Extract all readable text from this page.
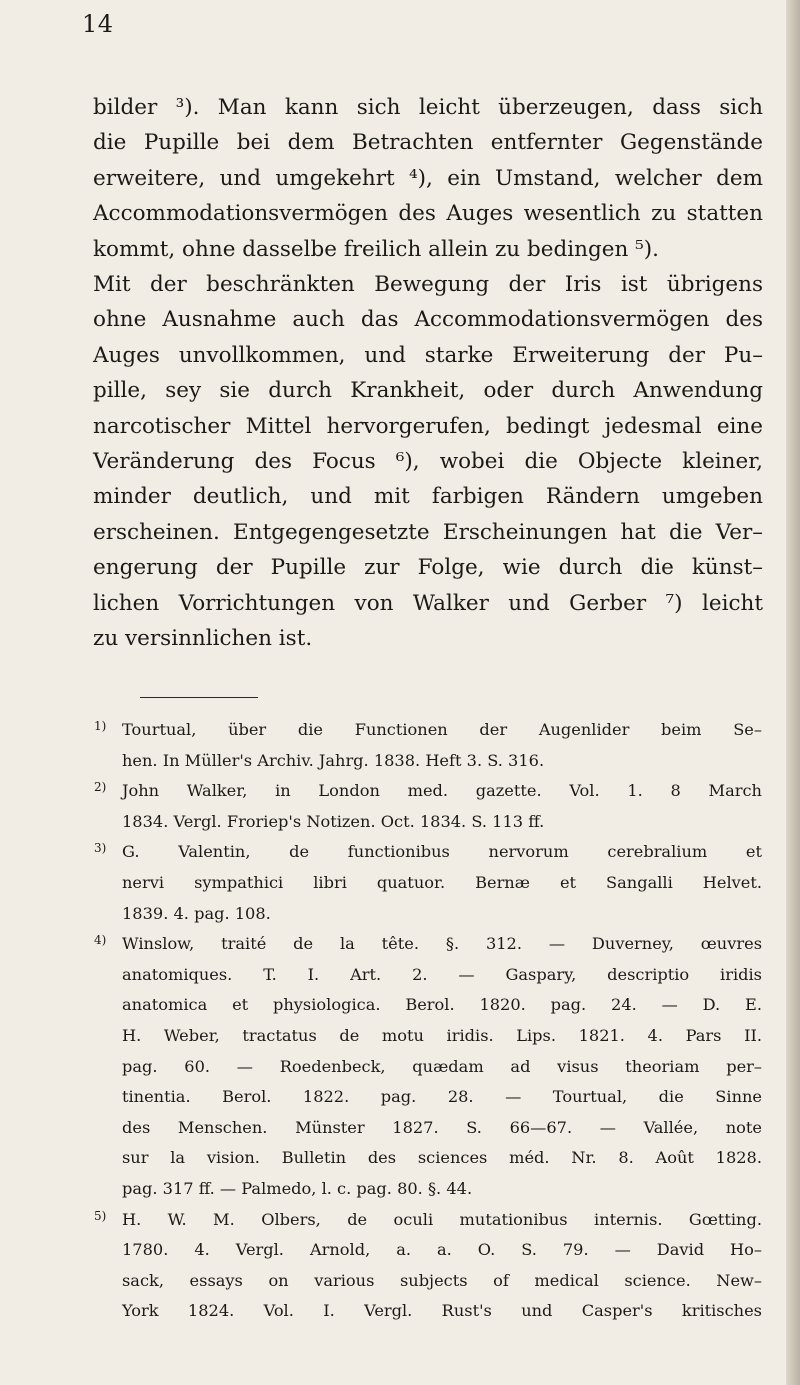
14
bilder ³). Man kann sich leicht überzeugen, dass sich
die Pupille bei dem Betrachten entfernter Gegenstände
erweitere, und umgekehrt ⁴), ein Umstand, welcher dem
Accommodationsvermögen des Auges wesentlich zu statten
kommt, ohne dasselbe freilich allein zu bedingen ⁵).
Mit der beschränkten Bewegung der Iris ist übrigens
ohne Ausnahme auch das Accommodationsvermögen des
Auges unvollkommen, und starke Erweiterung der Pu–
pille, sey sie durch Krankheit, oder durch Anwendung
narcotischer Mittel hervorgerufen, bedingt jedesmal eine
Veränderung des Focus ⁶), wobei die Objecte kleiner,
minder deutlich, und mit farbigen Rändern umgeben
erscheinen. Entgegengesetzte Erscheinungen hat die Ver–
engerung der Pupille zur Folge, wie durch die künst–
lichen Vorrichtungen von Walker und Gerber ⁷) leicht
zu versinnlichen ist.
1) Tourtual, über die Functionen der Augenlider beim Se–
hen. In Müller's Archiv. Jahrg. 1838. Heft 3. S. 316.
2) John Walker, in London med. gazette. Vol. 1. 8 March
1834. Vergl. Froriep's Notizen. Oct. 1834. S. 113 ff.
3) G. Valentin, de functionibus nervorum cerebralium et
nervi sympathici libri quatuor. Bernæ et Sangalli Helvet.
1839. 4. pag. 108.
4) Winslow, traité de la tête. §. 312. — Duverney, œuvres
anatomiques. T. I. Art. 2. — Gaspary, descriptio iridis
anatomica et physiologica. Berol. 1820. pag. 24. — D. E.
H. Weber, tractatus de motu iridis. Lips. 1821. 4. Pars II.
pag. 60. — Roedenbeck, quædam ad visus theoriam per–
tinentia. Berol. 1822. pag. 28. — Tourtual, die Sinne
des Menschen. Münster 1827. S. 66—67. — Vallée, note
sur la vision. Bulletin des sciences méd. Nr. 8. Août 1828.
pag. 317 ff. — Palmedo, l. c. pag. 80. §. 44.
5) H. W. M. Olbers, de oculi mutationibus internis. Gœtting.
1780. 4. Vergl. Arnold, a. a. O. S. 79. — David Ho–
sack, essays on various subjects of medical science. New–
York 1824. Vol. I. Vergl. Rust's und Casper's kritisches
